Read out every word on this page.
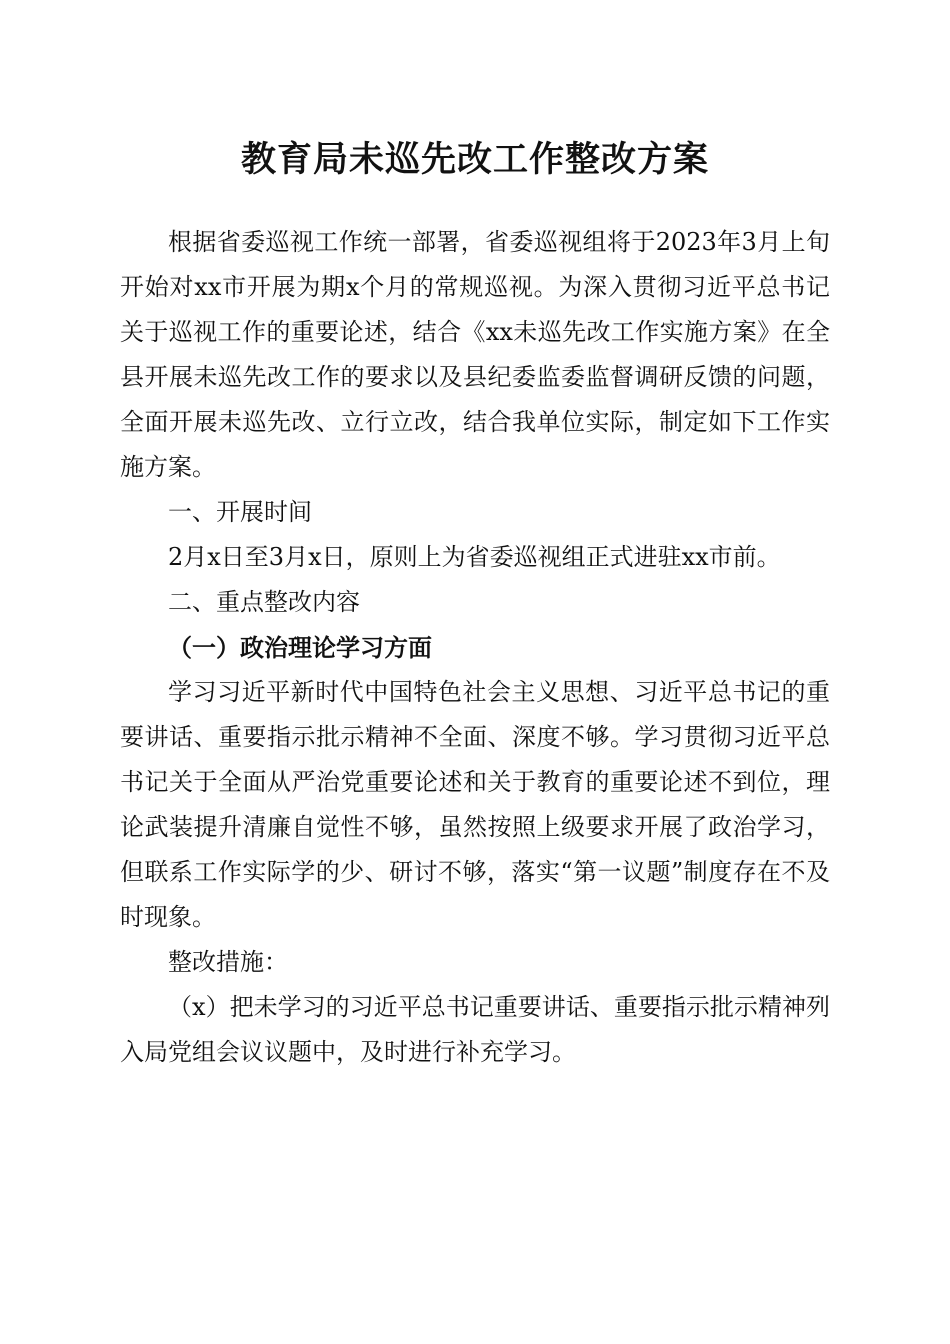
教育局未巡先改工作整改方案

根据省委巡视工作统一部署，省委巡视组将于2023年3月上旬开始对xx市开展为期x个月的常规巡视。为深入贯彻习近平总书记关于巡视工作的重要论述，结合《xx未巡先改工作实施方案》在全县开展未巡先改工作的要求以及县纪委监委监督调研反馈的问题，全面开展未巡先改、立行立改，结合我单位实际，制定如下工作实施方案。

一、开展时间

2月x日至3月x日，原则上为省委巡视组正式进驻xx市前。

二、重点整改内容
（一）政治理论学习方面

学习习近平新时代中国特色社会主义思想、习近平总书记的重要讲话、重要指示批示精神不全面、深度不够。学习贯彻习近平总书记关于全面从严治党重要论述和关于教育的重要论述不到位，理论武装提升清廉自觉性不够，虽然按照上级要求开展了政治学习，但联系工作实际学的少、研讨不够，落实“第一议题”制度存在不及时现象。

整改措施：

（x）把未学习的习近平总书记重要讲话、重要指示批示精神列入局党组会议议题中，及时进行补充学习。
